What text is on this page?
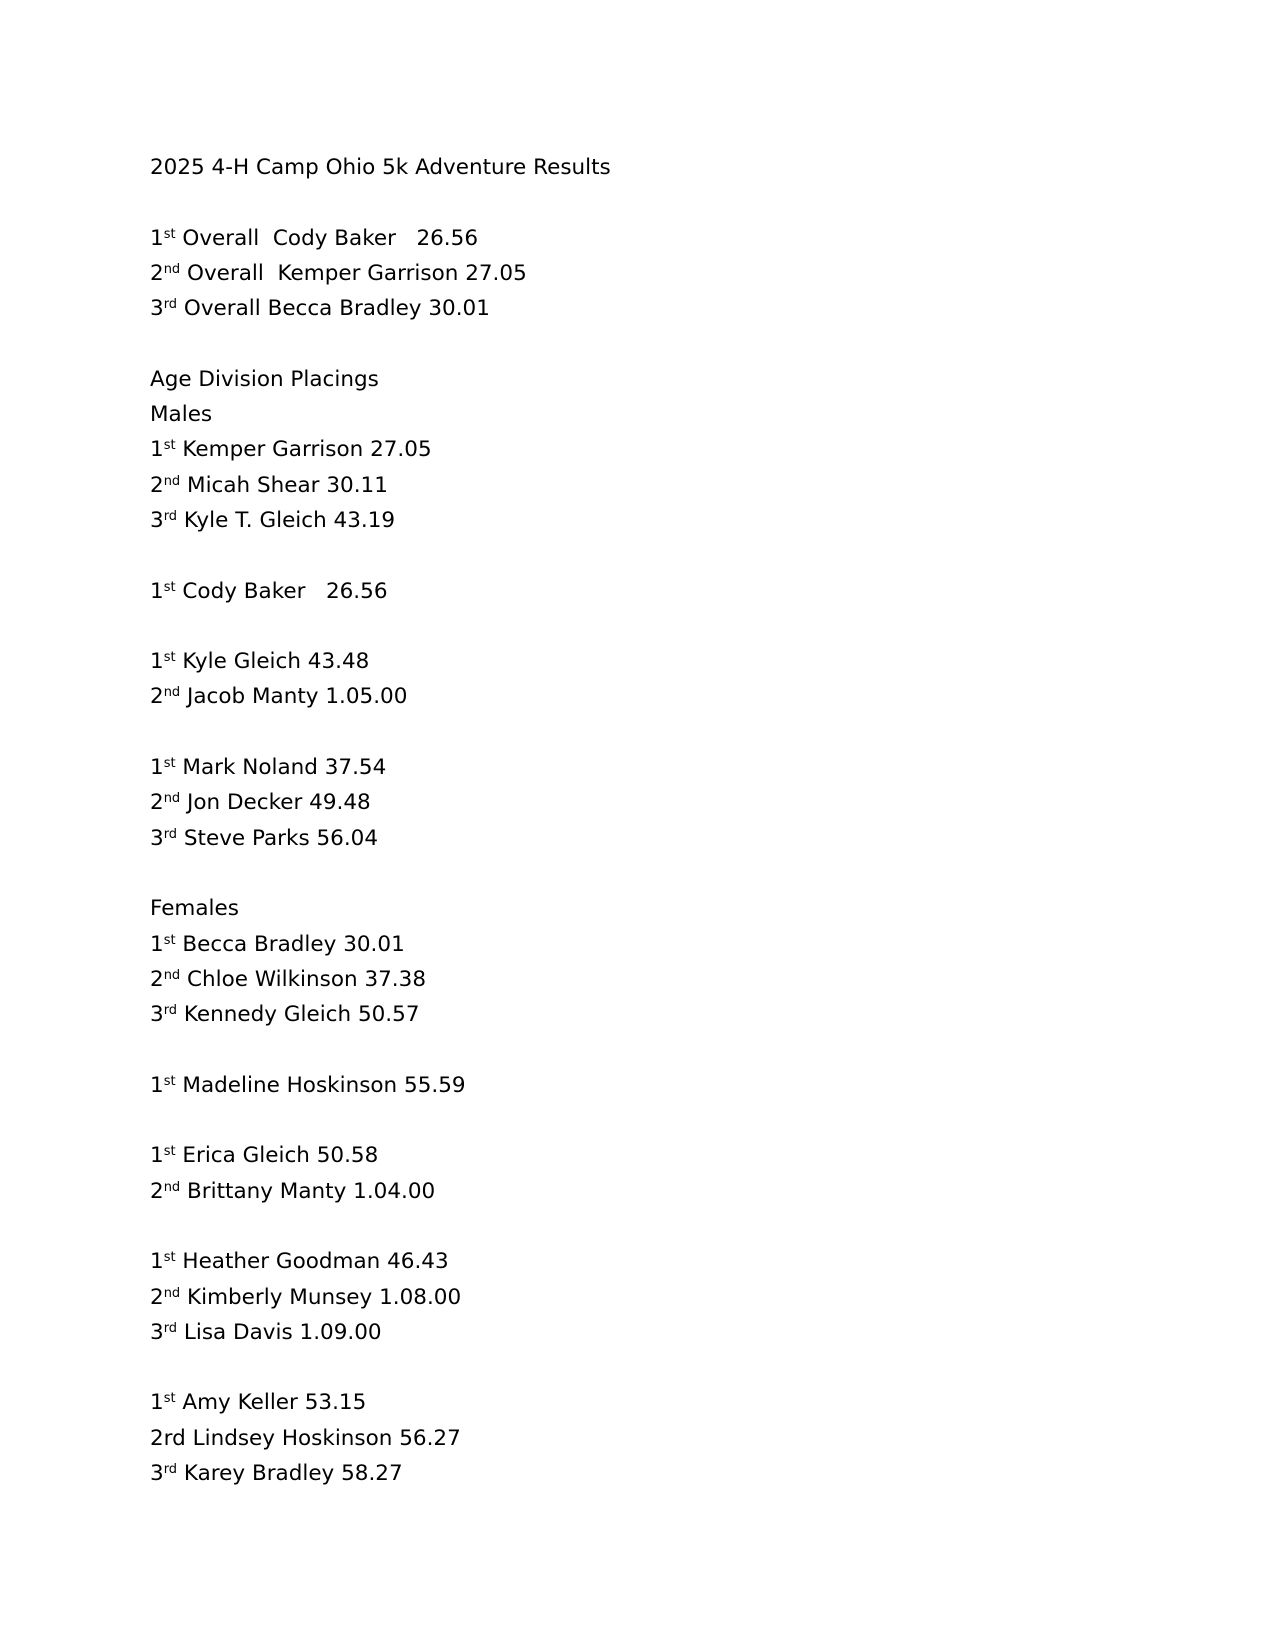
2025 4-H Camp Ohio 5k Adventure Results

1st Overall  Cody Baker   26.56

2nd Overall  Kemper Garrison 27.05

3rd Overall Becca Bradley 30.01

Age Division Placings

Males

1st Kemper Garrison 27.05

2nd Micah Shear 30.11

3rd Kyle T. Gleich 43.19

1st Cody Baker   26.56

1st Kyle Gleich 43.48

2nd Jacob Manty 1.05.00

1st Mark Noland 37.54

2nd Jon Decker 49.48

3rd Steve Parks 56.04

Females

1st Becca Bradley 30.01

2nd Chloe Wilkinson 37.38

3rd Kennedy Gleich 50.57

1st Madeline Hoskinson 55.59

1st Erica Gleich 50.58

2nd Brittany Manty 1.04.00

1st Heather Goodman 46.43

2nd Kimberly Munsey 1.08.00

3rd Lisa Davis 1.09.00

1st Amy Keller 53.15

2rd Lindsey Hoskinson 56.27

3rd Karey Bradley 58.27
